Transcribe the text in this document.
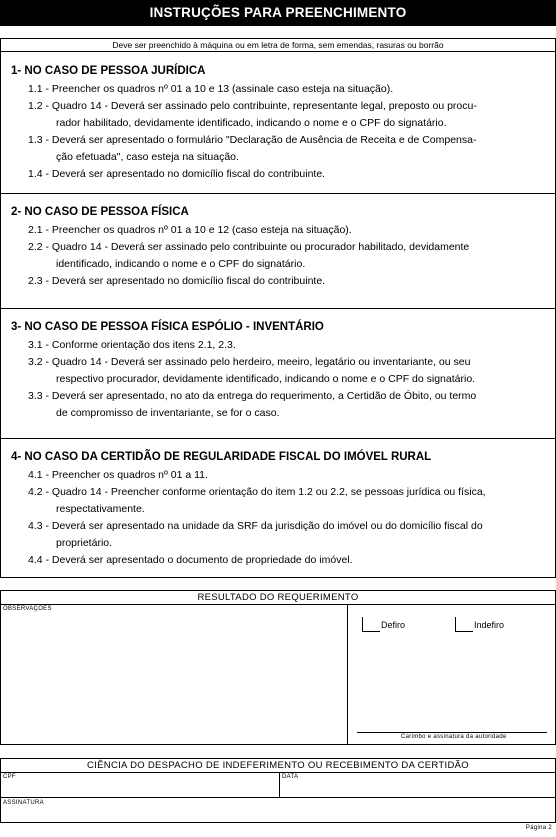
INSTRUÇÕES PARA PREENCHIMENTO
Deve ser preenchido à máquina ou em letra de forma, sem emendas, rasuras ou borrão
1- NO CASO DE PESSOA JURÍDICA
1.1 - Preencher os quadros nº 01 a 10 e 13 (assinale caso esteja na situação).
1.2 - Quadro 14 - Deverá ser assinado pelo contribuinte, representante legal, preposto ou procu-
rador habilitado, devidamente identificado, indicando o nome e o CPF do signatário.
1.3 - Deverá ser apresentado o formulário "Declaração de Ausência de Receita e de Compensa-
ção efetuada", caso esteja na situação.
1.4 - Deverá ser apresentado no domicílio fiscal do contribuinte.
2- NO CASO DE PESSOA FÍSICA
2.1 - Preencher os quadros nº 01 a 10 e 12 (caso esteja na situação).
2.2 - Quadro 14 - Deverá ser assinado pelo contribuinte ou procurador habilitado, devidamente
identificado, indicando o nome e o CPF do signatário.
2.3 - Deverá ser apresentado no domicílio fiscal do contribuinte.
3- NO CASO DE PESSOA FÍSICA ESPÓLIO - INVENTÁRIO
3.1 - Conforme orientação dos itens 2.1, 2.3.
3.2 - Quadro 14 - Deverá ser assinado pelo herdeiro, meeiro, legatário ou inventariante, ou seu
respectivo procurador, devidamente identificado, indicando o nome e o CPF do signatário.
3.3 - Deverá ser apresentado, no ato da entrega do requerimento, a Certidão de Óbito, ou termo
de compromisso de inventariante, se for o caso.
4- NO CASO DA CERTIDÃO DE REGULARIDADE FISCAL DO IMÓVEL RURAL
4.1 - Preencher os quadros nº 01 a 11.
4.2 - Quadro 14 - Preencher conforme orientação do item 1.2 ou 2.2, se pessoas jurídica ou física,
respectativamente.
4.3 - Deverá ser apresentado na unidade da SRF da jurisdição do imóvel ou do domicílio fiscal do
proprietário.
4.4 - Deverá ser apresentado o documento de propriedade do imóvel.
RESULTADO DO REQUERIMENTO
OBSERVAÇÕES
Defiro	Indefiro
Carimbo e assinatura da autoridade
CIÊNCIA DO DESPACHO DE INDEFERIMENTO OU RECEBIMENTO DA CERTIDÃO
CPF	DATA
ASSINATURA
Página 2
